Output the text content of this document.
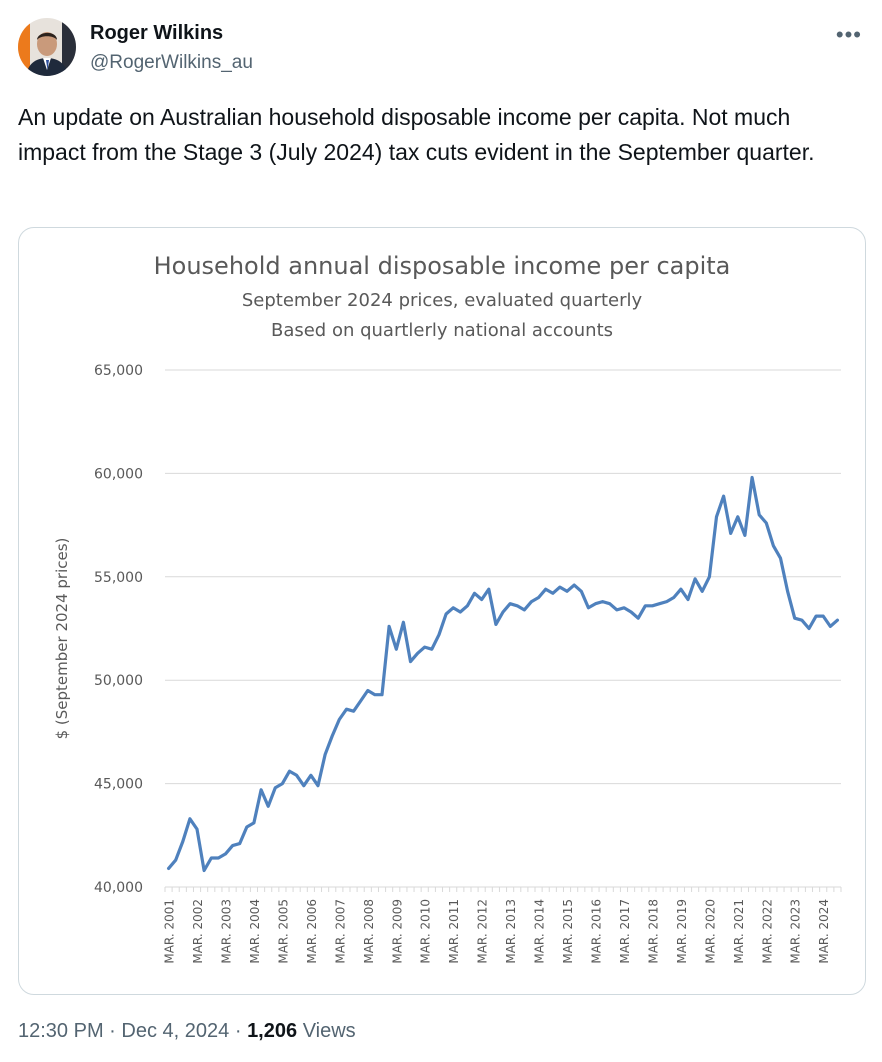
Roger Wilkins
@RogerWilkins_au
•••
An update on Australian household disposable income per capita. Not much impact from the Stage 3 (July 2024) tax cuts evident in the September quarter.
Household annual disposable income per capita
September 2024 prices, evaluated quarterly
Based on quartlerly national accounts
40,000
45,000
50,000
55,000
60,000
65,000
$ (September 2024 prices)
MAR. 2001 MAR. 2002 MAR. 2003 MAR. 2004 MAR. 2005 MAR. 2006 MAR. 2007 MAR. 2008 MAR. 2009 MAR. 2010 MAR. 2011 MAR. 2012 MAR. 2013 MAR. 2014 MAR. 2015 MAR. 2016 MAR. 2017 MAR. 2018 MAR. 2019 MAR. 2020 MAR. 2021 MAR. 2022 MAR. 2023 MAR. 2024
12:30 PM · Dec 4, 2024 · 1,206 Views
